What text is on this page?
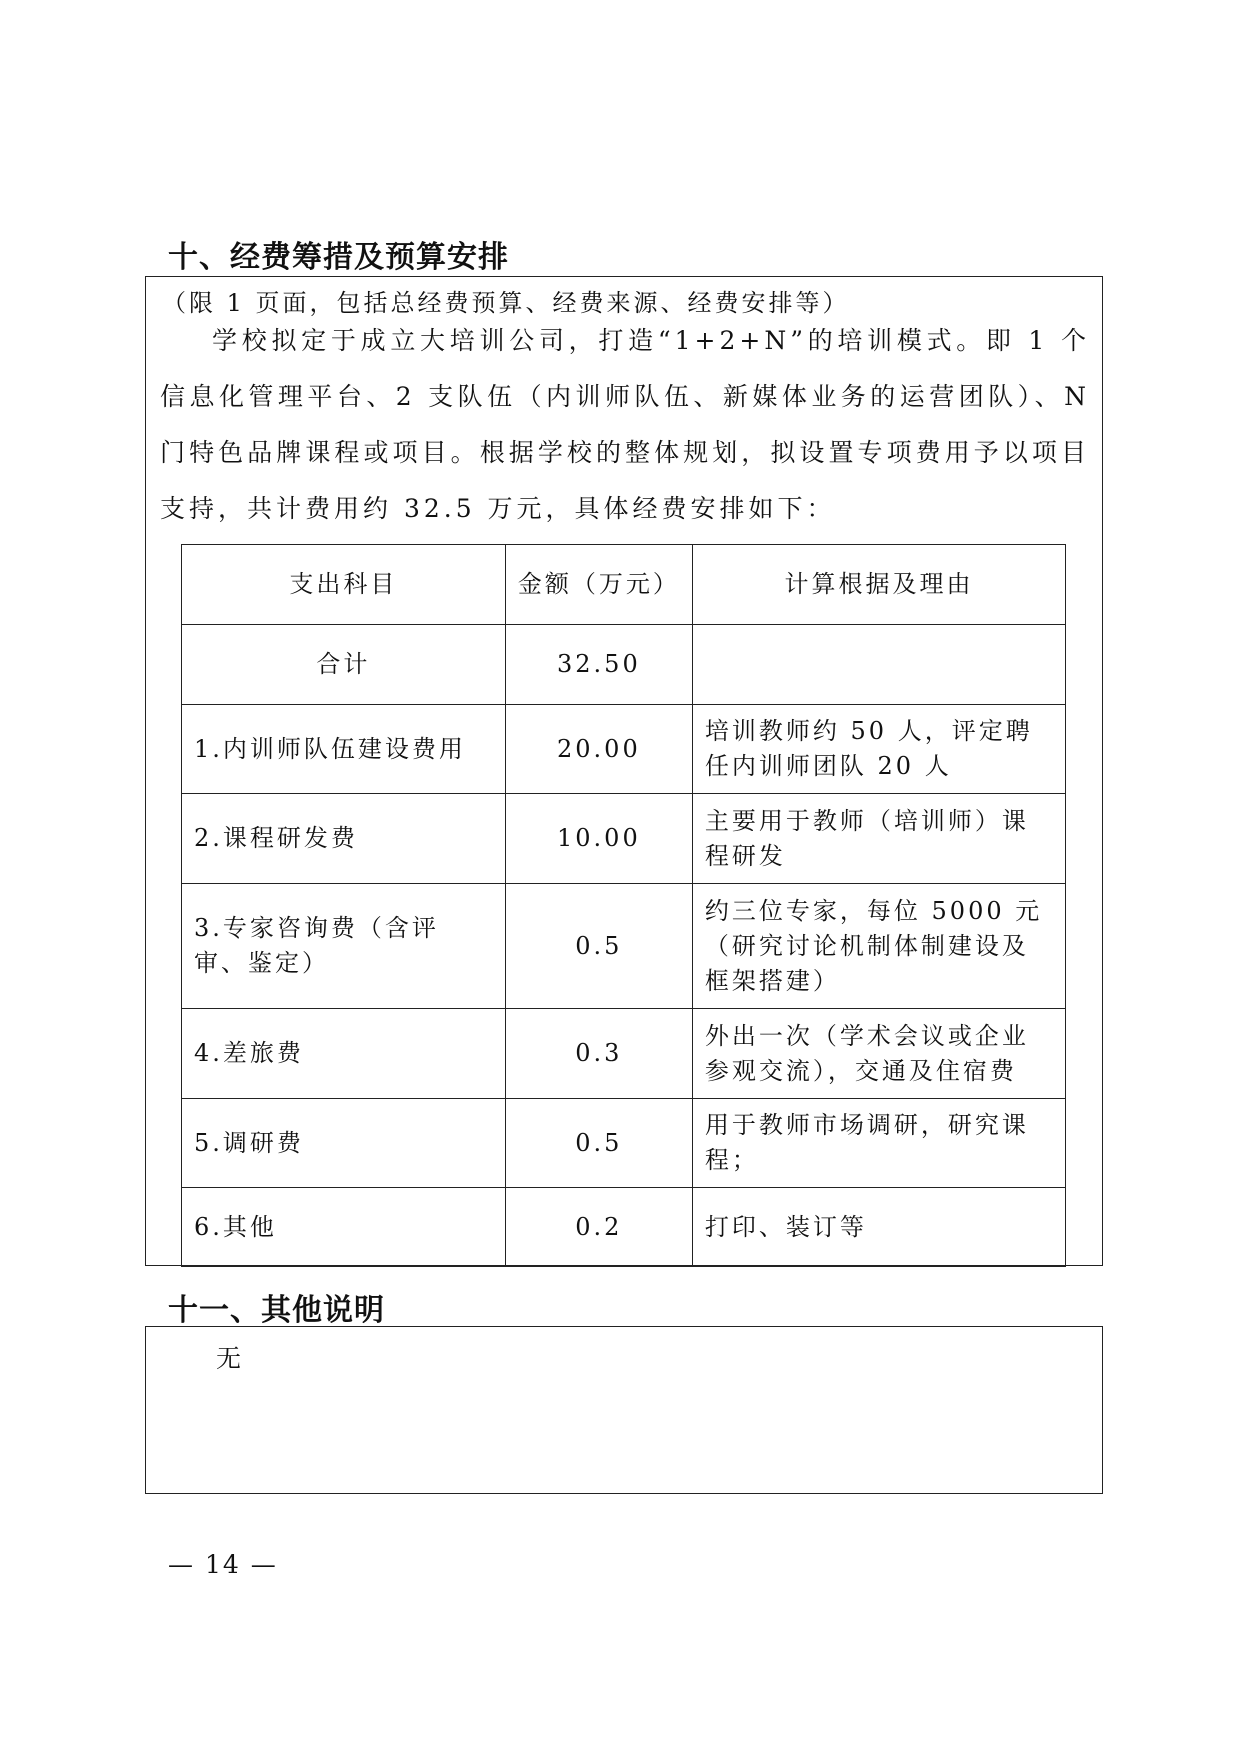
十、经费筹措及预算安排
（限 1 页面，包括总经费预算、经费来源、经费安排等）
学校拟定于成立大培训公司，打造“1+2+N”的培训模式。即 1 个信息化管理平台、2 支队伍（内训师队伍、新媒体业务的运营团队）、N 门特色品牌课程或项目。根据学校的整体规划，拟设置专项费用予以项目支持，共计费用约 32.5 万元，具体经费安排如下：
支出科目	金额（万元）	计算根据及理由
合计	32.50	
1.内训师队伍建设费用	20.00	培训教师约 50 人，评定聘任内训师团队 20 人
2.课程研发费	10.00	主要用于教师（培训师）课程研发
3.专家咨询费（含评审、鉴定）	0.5	约三位专家，每位 5000 元（研究讨论机制体制建设及框架搭建）
4.差旅费	0.3	外出一次（学术会议或企业参观交流），交通及住宿费
5.调研费	0.5	用于教师市场调研，研究课程；
6.其他	0.2	打印、装订等
十一、其他说明
无
— 14 —
